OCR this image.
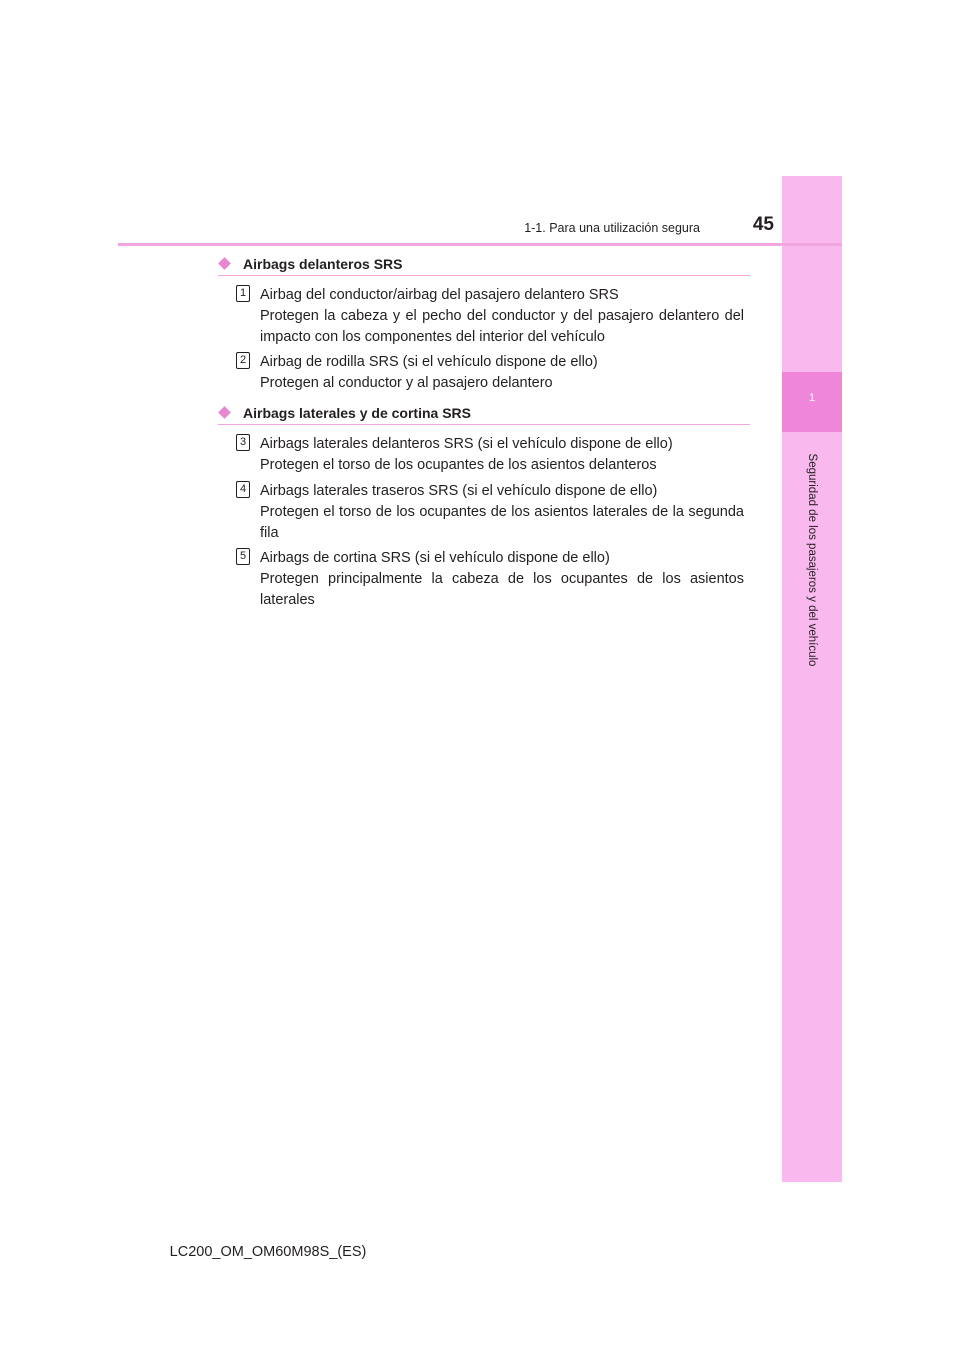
1
Seguridad de los pasajeros y del vehículo
1-1. Para una utilización segura	45
Airbags delanteros SRS
1 Airbag del conductor/airbag del pasajero delantero SRS
Protegen la cabeza y el pecho del conductor y del pasajero delantero del impacto con los componentes del interior del vehículo
2 Airbag de rodilla SRS (si el vehículo dispone de ello)
Protegen al conductor y al pasajero delantero
Airbags laterales y de cortina SRS
3 Airbags laterales delanteros SRS (si el vehículo dispone de ello)
Protegen el torso de los ocupantes de los asientos delanteros
4 Airbags laterales traseros SRS (si el vehículo dispone de ello)
Protegen el torso de los ocupantes de los asientos laterales de la segunda fila
5 Airbags de cortina SRS (si el vehículo dispone de ello)
Protegen principalmente la cabeza de los ocupantes de los asientos laterales
LC200_OM_OM60M98S_(ES)
